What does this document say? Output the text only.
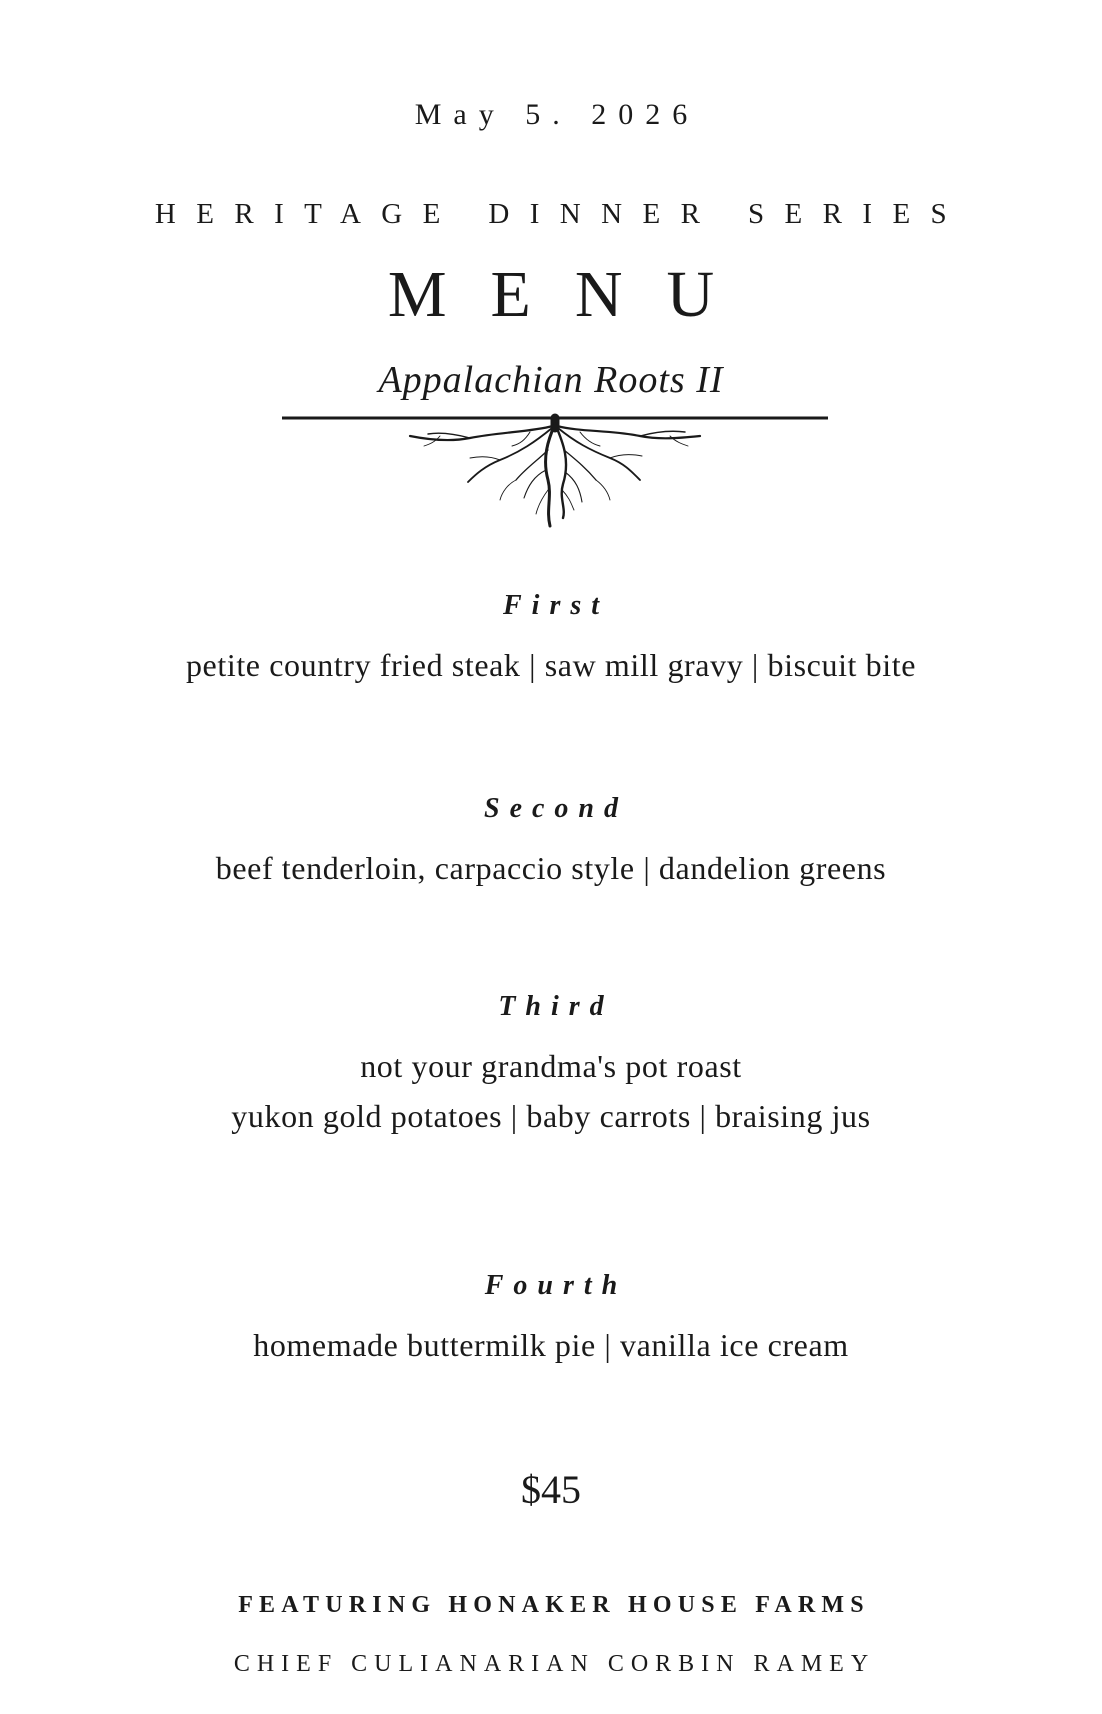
May 5. 2026
HERITAGE DINNER SERIES
MENU
Appalachian Roots II
First
petite country fried steak | saw mill gravy | biscuit bite
Second
beef tenderloin, carpaccio style | dandelion greens
Third
not your grandma's pot roast
yukon gold potatoes | baby carrots | braising jus
Fourth
homemade buttermilk pie | vanilla ice cream
$45
FEATURING HONAKER HOUSE FARMS
CHIEF CULIANARIAN CORBIN RAMEY
